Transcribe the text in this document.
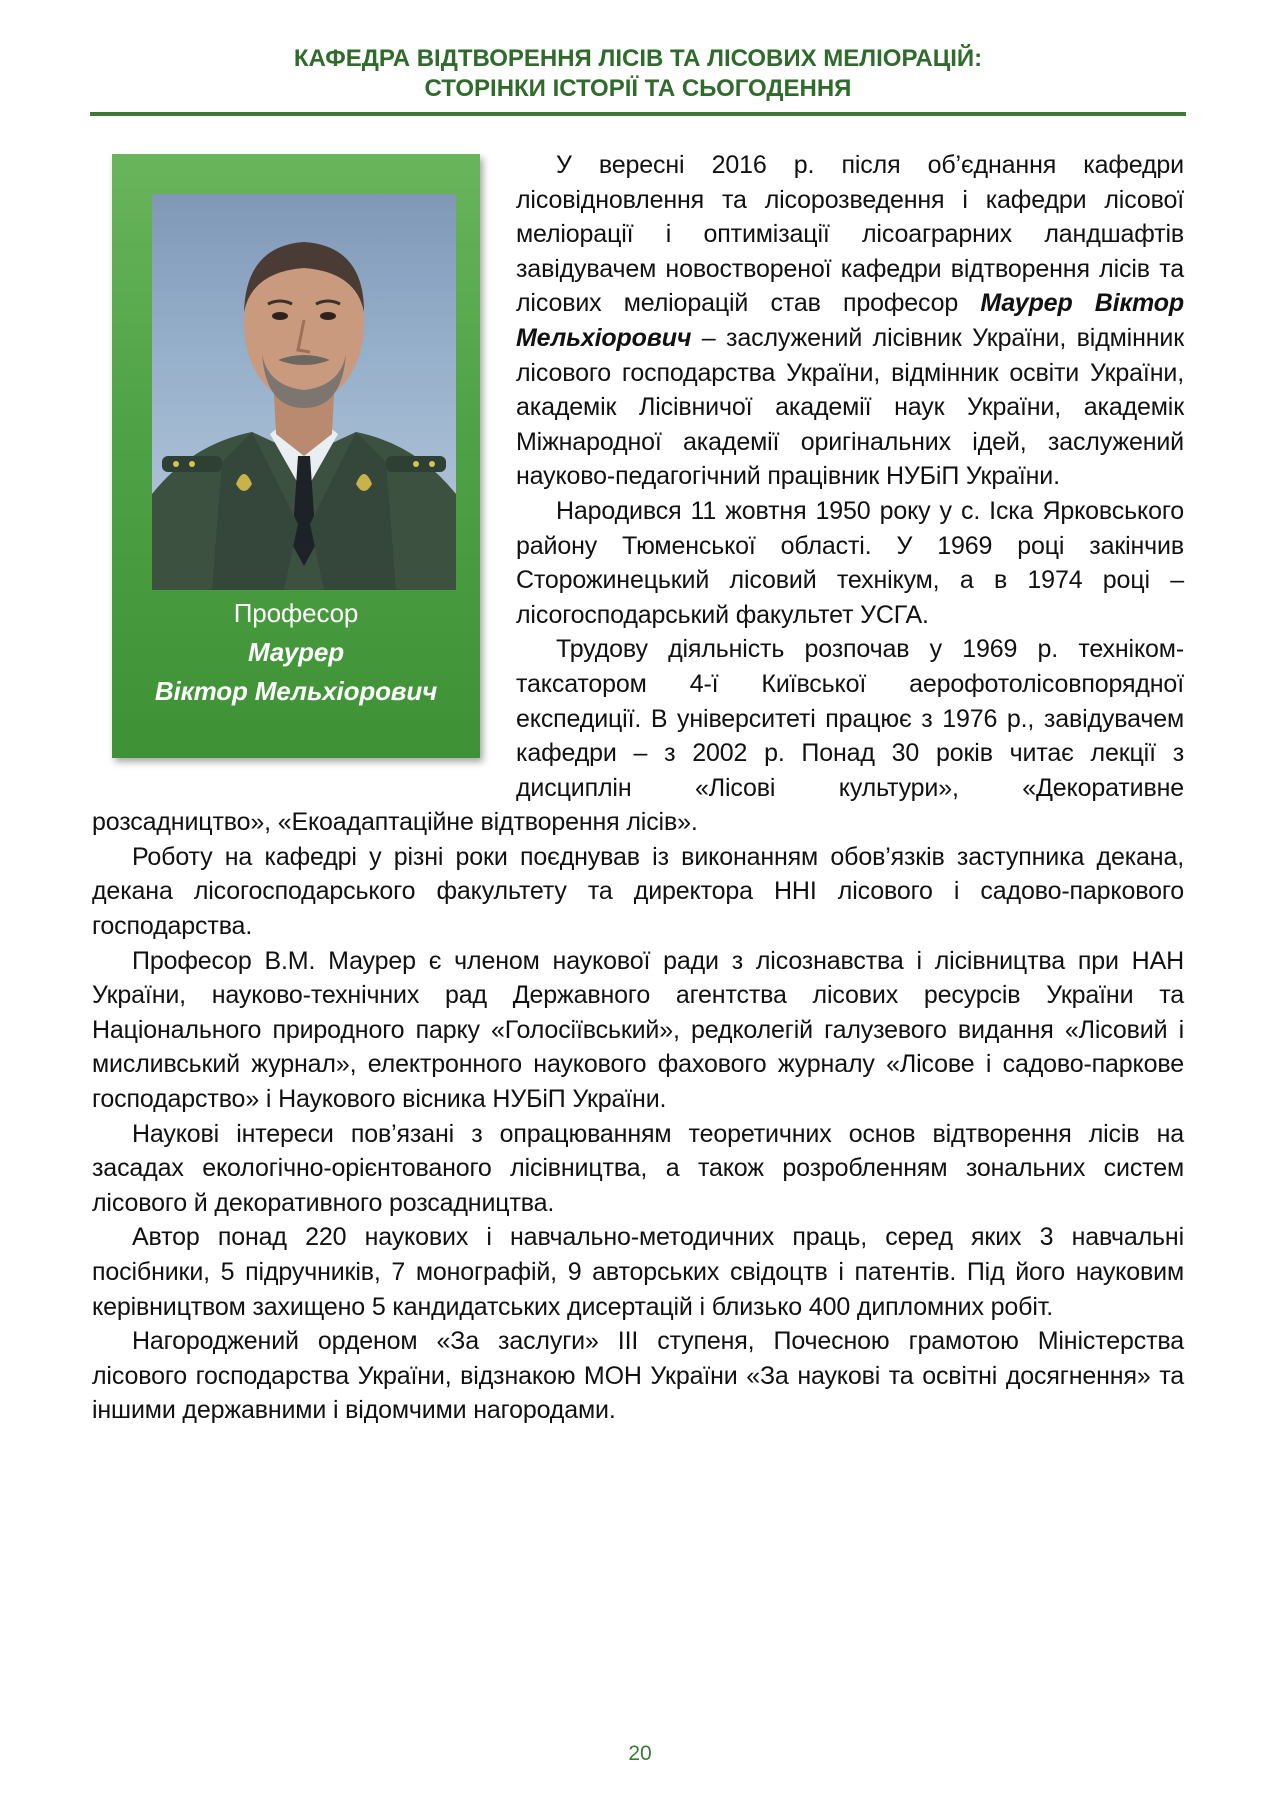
КАФЕДРА ВІДТВОРЕННЯ ЛІСІВ ТА ЛІСОВИХ МЕЛІОРАЦІЙ:
СТОРІНКИ ІСТОРІЇ ТА СЬОГОДЕННЯ
Професор
Маурер
Віктор Мельхіорович

У вересні 2016 р. після об’єднання кафедри лісовідновлення та лісорозведення і кафедри лісової меліорації і оптимізації лісоаграрних ландшафтів завідувачем новоствореної кафедри відтворення лісів та лісових меліорацій став професор Маурер Віктор Мельхіорович – заслужений лісівник України, відмінник лісового господарства України, відмінник освіти України, академік Лісівничої академії наук України, академік Міжнародної академії оригінальних ідей, заслужений науково-педагогічний працівник НУБіП України.

Народився 11 жовтня 1950 року у с. Іска Ярковського району Тюменської області. У 1969 році закінчив Сторожинецький лісовий технікум, а в 1974 році – лісогосподарський факультет УСГА.

Трудову діяльність розпочав у 1969 р. техніком-таксатором 4-ї Київської аерофотолісовпорядної експедиції. В університеті працює з 1976 р., завідувачем кафедри – з 2002 р. Понад 30 років читає лекції з дисциплін «Лісові культури», «Декоративне розсадництво», «Екоадаптаційне відтворення лісів».

Роботу на кафедрі у різні роки поєднував із виконанням обов’язків заступника декана, декана лісогосподарського факультету та директора ННІ лісового і садово-паркового господарства.

Професор В.М. Маурер є членом наукової ради з лісознавства і лісівництва при НАН України, науково-технічних рад Державного агентства лісових ресурсів України та Національного природного парку «Голосіївський», редколегій галузевого видання «Лісовий і мисливський журнал», електронного наукового фахового журналу «Лісове і садово-паркове господарство» і Наукового вісника НУБіП України.

Наукові інтереси пов’язані з опрацюванням теоретичних основ відтворення лісів на засадах екологічно-орієнтованого лісівництва, а також розробленням зональних систем лісового й декоративного розсадництва.

Автор понад 220 наукових і навчально-методичних праць, серед яких 3 навчальні посібники, 5 підручників, 7 монографій, 9 авторських свідоцтв і патентів. Під його науковим керівництвом захищено 5 кандидатських дисертацій і близько 400 дипломних робіт.

Нагороджений орденом «За заслуги» III ступеня, Почесною грамотою Міністерства лісового господарства України, відзнакою МОН України «За наукові та освітні досягнення» та іншими державними і відомчими нагородами.

20
